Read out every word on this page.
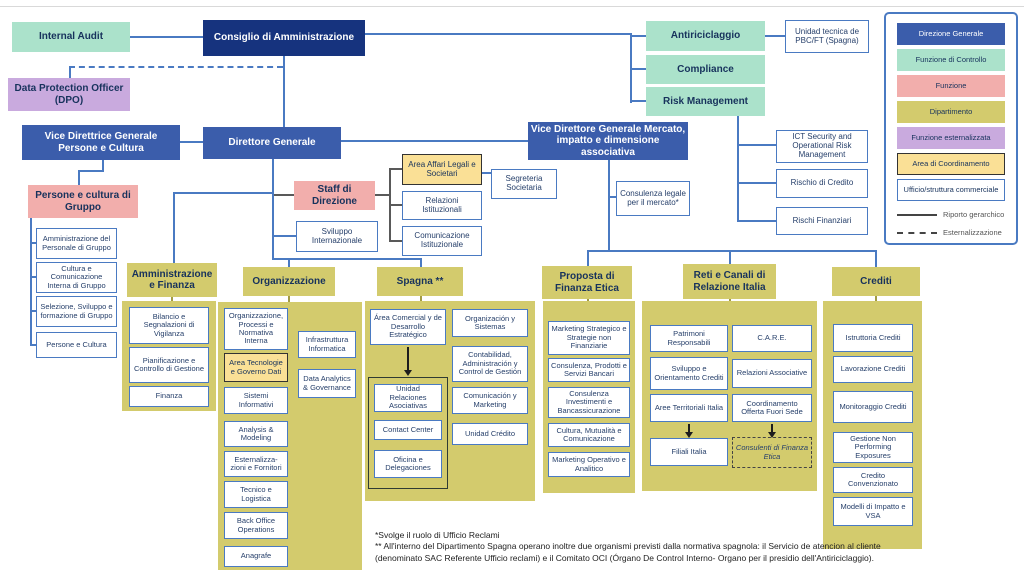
Internal Audit	Consiglio di Amministrazione	Antiriciclaggio	Unidad tecnica de PBC/FT (Spagna)
Compliance
Risk Management
Data Protection Officer (DPO)
Vice Direttrice Generale Persone e Cultura	Direttore Generale
Vice Direttore Generale Mercato, impatto e dimensione associativa
ICT Security and Operational Risk Management
Rischio di Credito
Rischi Finanziari
Staff di Direzione
Area Affari Legali e Societari
Segreteria Societaria
Relazioni Istituzionali
Comunicazione Istituzionale
Sviluppo Internazionale
Consulenza legale per il mercato*
Persone e cultura di Gruppo
Amministrazione del Personale di Gruppo
Cultura e Comunicazione Interna di Gruppo
Selezione, Sviluppo e formazione di Gruppo
Persone e Cultura
Amministrazione e Finanza	Organizzazione	Spagna **	Proposta di Finanza Etica
Reti e Canali di Relazione Italia
Crediti
Bilancio e Segnalazioni di Vigilanza
Pianificazione e Controllo di Gestione
Finanza
Organizzazione, Processi e Normativa Interna
Area Tecnologie e Governo Dati
Sistemi Informativi
Analysis & Modeling
Esternalizza-zioni e Fornitori
Tecnico e Logistica
Back Office Operations
Anagrafe
Infrastruttura Informatica
Data Analytics & Governance
Área Comercial y de Desarrollo Estratégico
Unidad Relaciones Asociativas
Contact Center
Oficina e Delegaciones
Organización y Sistemas
Contabilidad, Administración y Control de Gestión
Comunicación y Marketing
Unidad Crédito
Marketing Strategico e Strategie non Finanziarie
Consulenza, Prodotti e Servizi Bancari
Consulenza Investimenti e Bancassicurazione
Cultura, Mutualità e Comunicazione
Marketing Operativo e Analitico
Patrimoni Responsabili
Sviluppo e Orientamento Crediti
Aree Territoriali Italia
Filiali Italia
C.A.R.E.
Relazioni Associative
Coordinamento Offerta Fuori Sede
Consulenti di Finanza Etica
Istruttoria Crediti
Lavorazione Crediti
Monitoraggio Crediti
Gestione Non Performing Exposures
Credito Convenzionato
Modelli di Impatto e VSA
Direzione Generale
Funzione di Controllo
Funzione
Dipartimento
Funzione esternalizzata
Area di Coordinamento
Ufficio/struttura commerciale
Riporto gerarchico
Esternalizzazione
*Svolge il ruolo di Ufficio Reclami
** All'interno del Dipartimento Spagna operano inoltre due organismi previsti dalla normativa spagnola: il Servicio de atencion al cliente (denominato SAC Referente Ufficio reclami) e il Comitato OCI (Órgano De Control Interno- Organo per il presidio dell'Antiriciclaggio).
